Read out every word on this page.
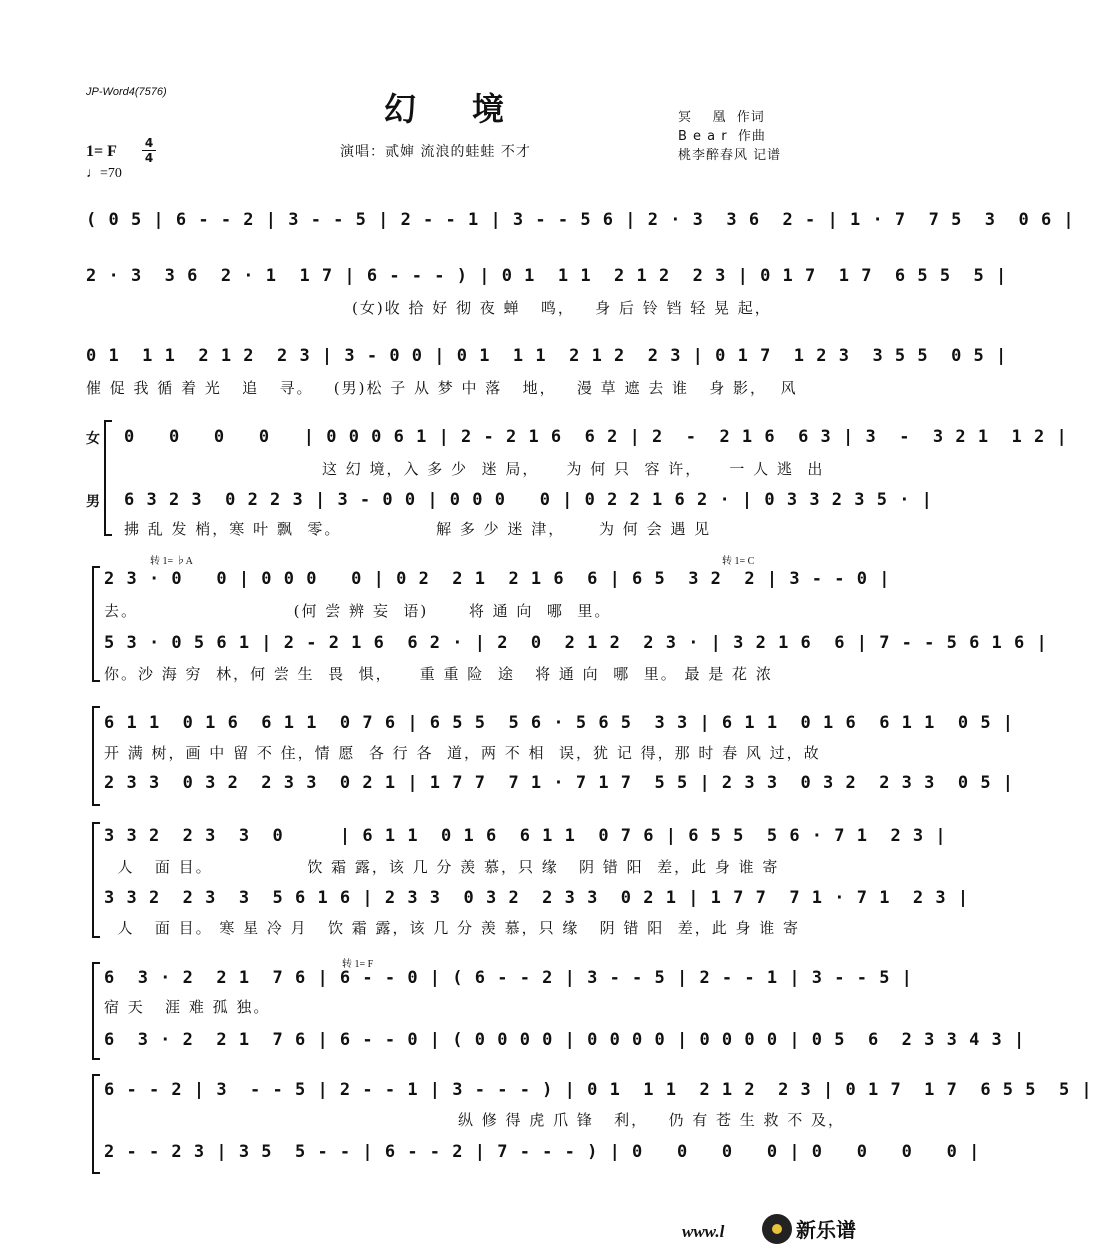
JP-Word4(7576)	幻境	冥    凰  作词
B e a r  作曲
桃李醉春风 记谱
1= F 4
4
♩=70
演唱：贰婶 流浪的蛙蛙 不才
( 0 5 | 6 - - 2 | 3 - - 5 | 2 - - 1 | 3 - - 5 6 | 2 · 3  3 6  2 - | 1 · 7  7 5  3  0 6 |
2 · 3  3 6  2 · 1  1 7 | 6 - - - ) | 0 1  1 1  2 1 2  2 3 | 0 1 7  1 7  6 5 5  5 |
(女)收 拾 好 彻 夜 蝉   鸣，   身 后 铃 铛 轻 晃 起，
0 1  1 1  2 1 2  2 3 | 3 - 0 0 | 0 1  1 1  2 1 2  2 3 | 0 1 7  1 2 3  3 5 5  0 5 |
催 促 我 循 着 光   追   寻。   (男)松 子 从 梦 中 落   地，   漫 草 遮 去 谁   身 影，  风
女
男
0   0   0   0   | 0 0 0 6 1 | 2 - 2 1 6  6 2 | 2  -  2 1 6  6 3 | 3  -  3 2 1  1 2 |
这 幻 境，入 多 少  迷 局，    为 何 只  容 许，    一 人 逃  出
6 3 2 3  0 2 2 3 | 3 - 0 0 | 0 0 0   0 | 0 2 2 1 6 2 · | 0 3 3 2 3 5 · |
拂 乱 发 梢，寒 叶 飘  零。              解 多 少 迷 津，     为 何 会 遇 见
转 1= ♭A	转 1= C
2 3 · 0   0 | 0 0 0   0 | 0 2  2 1  2 1 6  6 | 6 5  3 2  2 | 3 - - 0 |
去。                       (何 尝 辨 妄  语)      将 通 向  哪  里。
5 3 · 0 5 6 1 | 2 - 2 1 6  6 2 · | 2  0  2 1 2  2 3 · | 3 2 1 6  6 | 7 - - 5 6 1 6 |
你。沙 海 穷  林，何 尝 生  畏  惧，    重 重 险  途   将 通 向  哪  里。 最 是 花 浓
6 1 1  0 1 6  6 1 1  0 7 6 | 6 5 5  5 6 · 5 6 5  3 3 | 6 1 1  0 1 6  6 1 1  0 5 |
开 满 树，画 中 留 不 住，情 愿  各 行 各  道，两 不 相  误，犹 记 得，那 时 春 风 过，故
2 3 3  0 3 2  2 3 3  0 2 1 | 1 7 7  7 1 · 7 1 7  5 5 | 2 3 3  0 3 2  2 3 3  0 5 |
3 3 2  2 3  3  0     | 6 1 1  0 1 6  6 1 1  0 7 6 | 6 5 5  5 6 · 7 1  2 3 |
人   面 目。              饮 霜 露，该 几 分 羡 慕，只 缘   阴 错 阳  差，此 身 谁 寄
3 3 2  2 3  3  5 6 1 6 | 2 3 3  0 3 2  2 3 3  0 2 1 | 1 7 7  7 1 · 7 1  2 3 |
人   面 目。 寒 星 冷 月   饮 霜 露，该 几 分 羡 慕，只 缘   阴 错 阳  差，此 身 谁 寄
转 1= F
6  3 · 2  2 1  7 6 | 6 - - 0 | ( 6 - - 2 | 3 - - 5 | 2 - - 1 | 3 - - 5 |
宿 天   涯 难 孤 独。
6  3 · 2  2 1  7 6 | 6 - - 0 | ( 0 0 0 0 | 0 0 0 0 | 0 0 0 0 | 0 5  6  2 3 3 4 3 |
6 - - 2 | 3  - - 5 | 2 - - 1 | 3 - - - ) | 0 1  1 1  2 1 2  2 3 | 0 1 7  1 7  6 5 5  5 |
纵 修 得 虎 爪 锋   利，   仍 有 苍 生 救 不 及，
2 - - 2 3 | 3 5  5 - - | 6 - - 2 | 7 - - - ) | 0   0   0   0 | 0   0   0   0 |
www.l	新乐谱
